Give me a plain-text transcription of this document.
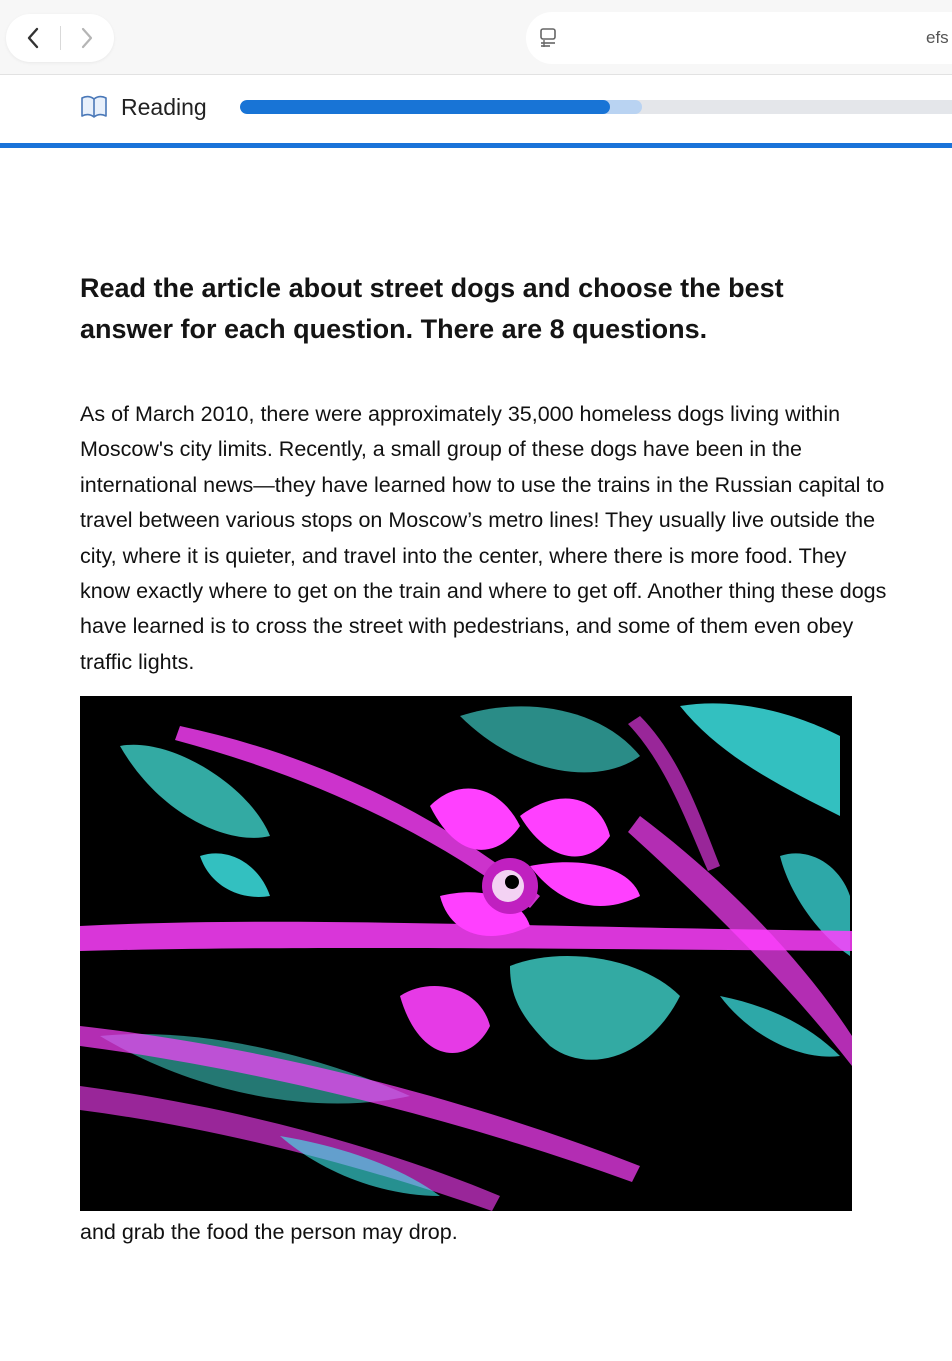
efs
Reading
Read the article about street dogs and choose the best answer for each question. There are 8 questions.

As of March 2010, there were approximately 35,000 homeless dogs living within Moscow's city limits. Recently, a small group of these dogs have been in the international news—they have learned how to use the trains in the Russian capital to travel between various stops on Moscow’s metro lines! They usually live outside the city, where it is quieter, and travel into the center, where there is more food. They know exactly where to get on the train and where to get off. Another thing these dogs have learned is to cross the street with pedestrians, and some of them even obey traffic lights.

and grab the food the person may drop.
